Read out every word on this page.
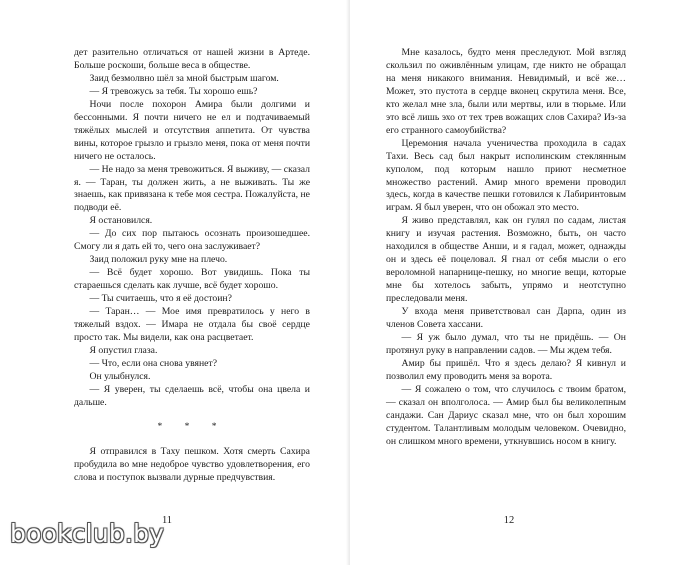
дет разительно отличаться от нашей жизни в Артеде. Больше роскоши, больше веса в обществе.

Заид безмолвно шёл за мной быстрым шагом.

— Я тревожусь за тебя. Ты хорошо ешь?

Ночи после похорон Амира были долгими и бессонными. Я почти ничего не ел и подтачиваемый тяжёлых мыслей и отсутствия аппетита. От чувства вины, которое грызло и грызло меня, пока от меня почти ничего не осталось.

— Не надо за меня тревожиться. Я выживу, — сказал я. — Таран, ты должен жить, а не выживать. Ты же знаешь, как привязана к тебе моя сестра. Пожалуйста, не подводи её.

Я остановился.

— До сих пор пытаюсь осознать произошедшее. Смогу ли я дать ей то, чего она заслуживает?

Заид положил руку мне на плечо.

— Всё будет хорошо. Вот увидишь. Пока ты стараешься сделать как лучше, всё будет хорошо.

— Ты считаешь, что я её достоин?

— Таран… — Мое имя превратилось у него в тяжелый вздох. — Имара не отдала бы своё сердце просто так. Мы видели, как она расцветает.

Я опустил глаза.

— Что, если она снова увянет?

Он улыбнулся.

— Я уверен, ты сделаешь всё, чтобы она цвела и дальше.

* * *

Я отправился в Таху пешком. Хотя смерть Сахира пробудила во мне недоброе чувство удовлетворения, его слова и поступок вызвали дурные предчувствия.

11

Мне казалось, будто меня преследуют. Мой взгляд скользил по оживлённым улицам, где никто не обращал на меня никакого внимания. Невидимый, и всё же… Может, это пустота в сердце вконец скрутила меня. Все, кто желал мне зла, были или мертвы, или в тюрьме. Или это всё лишь эхо от тех трев вожащих слов Сахира? Из‑за его странного самоубийства?

Церемония начала ученичества проходила в садах Тахи. Весь сад был накрыт исполинским стеклянным куполом, под которым нашло приют несметное множество растений. Амир много времени проводил здесь, когда в качестве пешки готовился к Лабиринтовым играм. Я был уверен, что он обожал это место.

Я живо представлял, как он гулял по садам, листая книгу и изучая растения. Возможно, быть, он часто находился в обществе Анши, и я гадал, может, однажды он и здесь её поцеловал. Я гнал от себя мысли о его вероломной напарнице-пешку, но многие вещи, которые мне бы хотелось забыть, упрямо и неотступно преследовали меня.

У входа меня приветствовал сан Дарпа, один из членов Совета хассани.

— Я уж было думал, что ты не придёшь. — Он протянул руку в направлении садов. — Мы ждем тебя.

Амир бы пришёл. Что я здесь делаю? Я кивнул и позволил ему проводить меня за ворота.

— Я сожалею о том, что случилось с твоим братом, — сказал он вполголоса. — Амир был бы великолепным сандажи. Сан Дариус сказал мне, что он был хорошим студентом. Талантливым молодым человеком. Очевидно, он слишком много времени, уткнувшись носом в книгу.

12
bookclub.by
